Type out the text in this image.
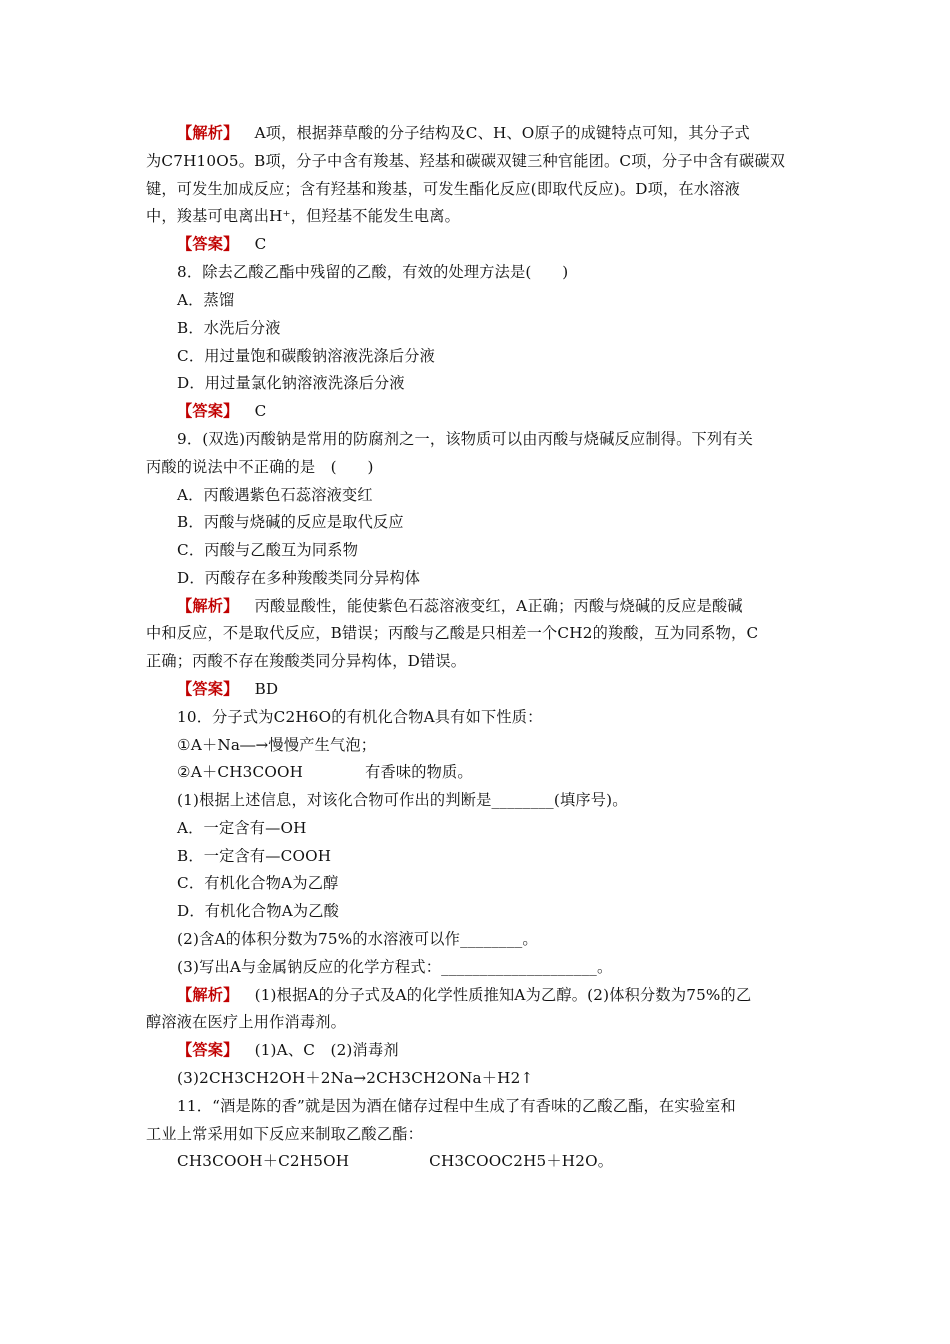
【解析】 A项，根据莽草酸的分子结构及C、H、O原子的成键特点可知，其分子式
为C7H10O5。B项，分子中含有羧基、羟基和碳碳双键三种官能团。C项，分子中含有碳碳双
键，可发生加成反应；含有羟基和羧基，可发生酯化反应(即取代反应)。D项，在水溶液
中，羧基可电离出H⁺，但羟基不能发生电离。
【答案】 C
8．除去乙酸乙酯中残留的乙酸，有效的处理方法是(　　)
A．蒸馏
B．水洗后分液
C．用过量饱和碳酸钠溶液洗涤后分液
D．用过量氯化钠溶液洗涤后分液
【答案】 C
9．(双选)丙酸钠是常用的防腐剂之一，该物质可以由丙酸与烧碱反应制得。下列有关
丙酸的说法中不正确的是　(　　)
A．丙酸遇紫色石蕊溶液变红
B．丙酸与烧碱的反应是取代反应
C．丙酸与乙酸互为同系物
D．丙酸存在多种羧酸类同分异构体
【解析】 丙酸显酸性，能使紫色石蕊溶液变红，A正确；丙酸与烧碱的反应是酸碱
中和反应，不是取代反应，B错误；丙酸与乙酸是只相差一个CH2的羧酸，互为同系物，C
正确；丙酸不存在羧酸类同分异构体，D错误。
【答案】 BD
10．分子式为C2H6O的有机化合物A具有如下性质：
①A＋Na―→慢慢产生气泡；
②A＋CH3COOH	有香味的物质。
(1)根据上述信息，对该化合物可作出的判断是________(填序号)。
A．一定含有—OH
B．一定含有—COOH
C．有机化合物A为乙醇
D．有机化合物A为乙酸
(2)含A的体积分数为75%的水溶液可以作________。
(3)写出A与金属钠反应的化学方程式：____________________。
【解析】 (1)根据A的分子式及A的化学性质推知A为乙醇。(2)体积分数为75%的乙
醇溶液在医疗上用作消毒剂。
【答案】 (1)A、C　(2)消毒剂
(3)2CH3CH2OH＋2Na→2CH3CH2ONa＋H2↑
11．“酒是陈的香”就是因为酒在储存过程中生成了有香味的乙酸乙酯，在实验室和
工业上常采用如下反应来制取乙酸乙酯：
CH3COOH＋C2H5OH	CH3COOC2H5＋H2O。
